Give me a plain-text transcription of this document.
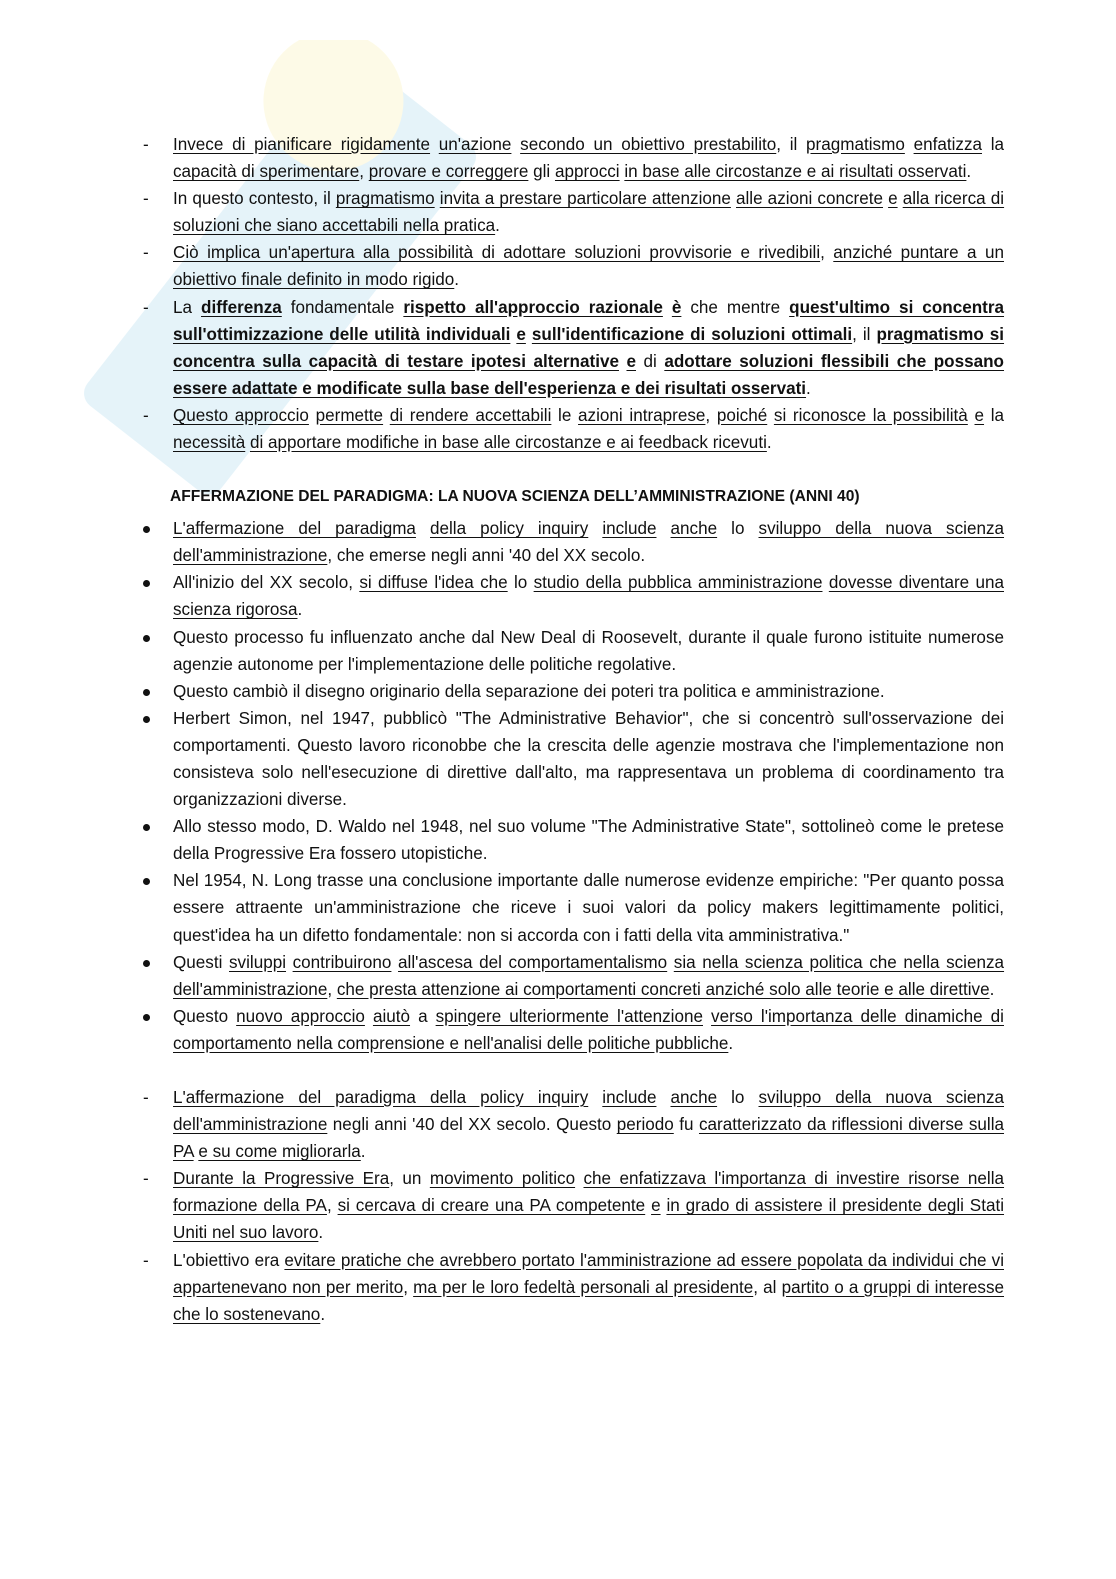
- Invece di pianificare rigidamente un'azione secondo un obiettivo prestabilito, il pragmatismo enfatizza la capacità di sperimentare, provare e correggere gli approcci in base alle circostanze e ai risultati osservati.
- In questo contesto, il pragmatismo invita a prestare particolare attenzione alle azioni concrete e alla ricerca di soluzioni che siano accettabili nella pratica.
- Ciò implica un'apertura alla possibilità di adottare soluzioni provvisorie e rivedibili, anziché puntare a un obiettivo finale definito in modo rigido.
- La differenza fondamentale rispetto all'approccio razionale è che mentre quest'ultimo si concentra sull'ottimizzazione delle utilità individuali e sull'identificazione di soluzioni ottimali, il pragmatismo si concentra sulla capacità di testare ipotesi alternative e di adottare soluzioni flessibili che possano essere adattate e modificate sulla base dell'esperienza e dei risultati osservati.
- Questo approccio permette di rendere accettabili le azioni intraprese, poiché si riconosce la possibilità e la necessità di apportare modifiche in base alle circostanze e ai feedback ricevuti.
AFFERMAZIONE DEL PARADIGMA: LA NUOVA SCIENZA DELL’AMMINISTRAZIONE (ANNI 40)
L'affermazione del paradigma della policy inquiry include anche lo sviluppo della nuova scienza dell'amministrazione, che emerse negli anni '40 del XX secolo.
All'inizio del XX secolo, si diffuse l'idea che lo studio della pubblica amministrazione dovesse diventare una scienza rigorosa.
Questo processo fu influenzato anche dal New Deal di Roosevelt, durante il quale furono istituite numerose agenzie autonome per l'implementazione delle politiche regolative.
Questo cambiò il disegno originario della separazione dei poteri tra politica e amministrazione.
Herbert Simon, nel 1947, pubblicò "The Administrative Behavior", che si concentrò sull'osservazione dei comportamenti. Questo lavoro riconobbe che la crescita delle agenzie mostrava che l'implementazione non consisteva solo nell'esecuzione di direttive dall'alto, ma rappresentava un problema di coordinamento tra organizzazioni diverse.
Allo stesso modo, D. Waldo nel 1948, nel suo volume "The Administrative State", sottolineò come le pretese della Progressive Era fossero utopistiche.
Nel 1954, N. Long trasse una conclusione importante dalle numerose evidenze empiriche: "Per quanto possa essere attraente un'amministrazione che riceve i suoi valori da policy makers legittimamente politici, quest'idea ha un difetto fondamentale: non si accorda con i fatti della vita amministrativa."
Questi sviluppi contribuirono all'ascesa del comportamentalismo sia nella scienza politica che nella scienza dell'amministrazione, che presta attenzione ai comportamenti concreti anziché solo alle teorie e alle direttive.
Questo nuovo approccio aiutò a spingere ulteriormente l'attenzione verso l'importanza delle dinamiche di comportamento nella comprensione e nell'analisi delle politiche pubbliche.
- L'affermazione del paradigma della policy inquiry include anche lo sviluppo della nuova scienza dell'amministrazione negli anni '40 del XX secolo. Questo periodo fu caratterizzato da riflessioni diverse sulla PA e su come migliorarla.
- Durante la Progressive Era, un movimento politico che enfatizzava l'importanza di investire risorse nella formazione della PA, si cercava di creare una PA competente e in grado di assistere il presidente degli Stati Uniti nel suo lavoro.
- L'obiettivo era evitare pratiche che avrebbero portato l'amministrazione ad essere popolata da individui che vi appartenevano non per merito, ma per le loro fedeltà personali al presidente, al partito o a gruppi di interesse che lo sostenevano.
